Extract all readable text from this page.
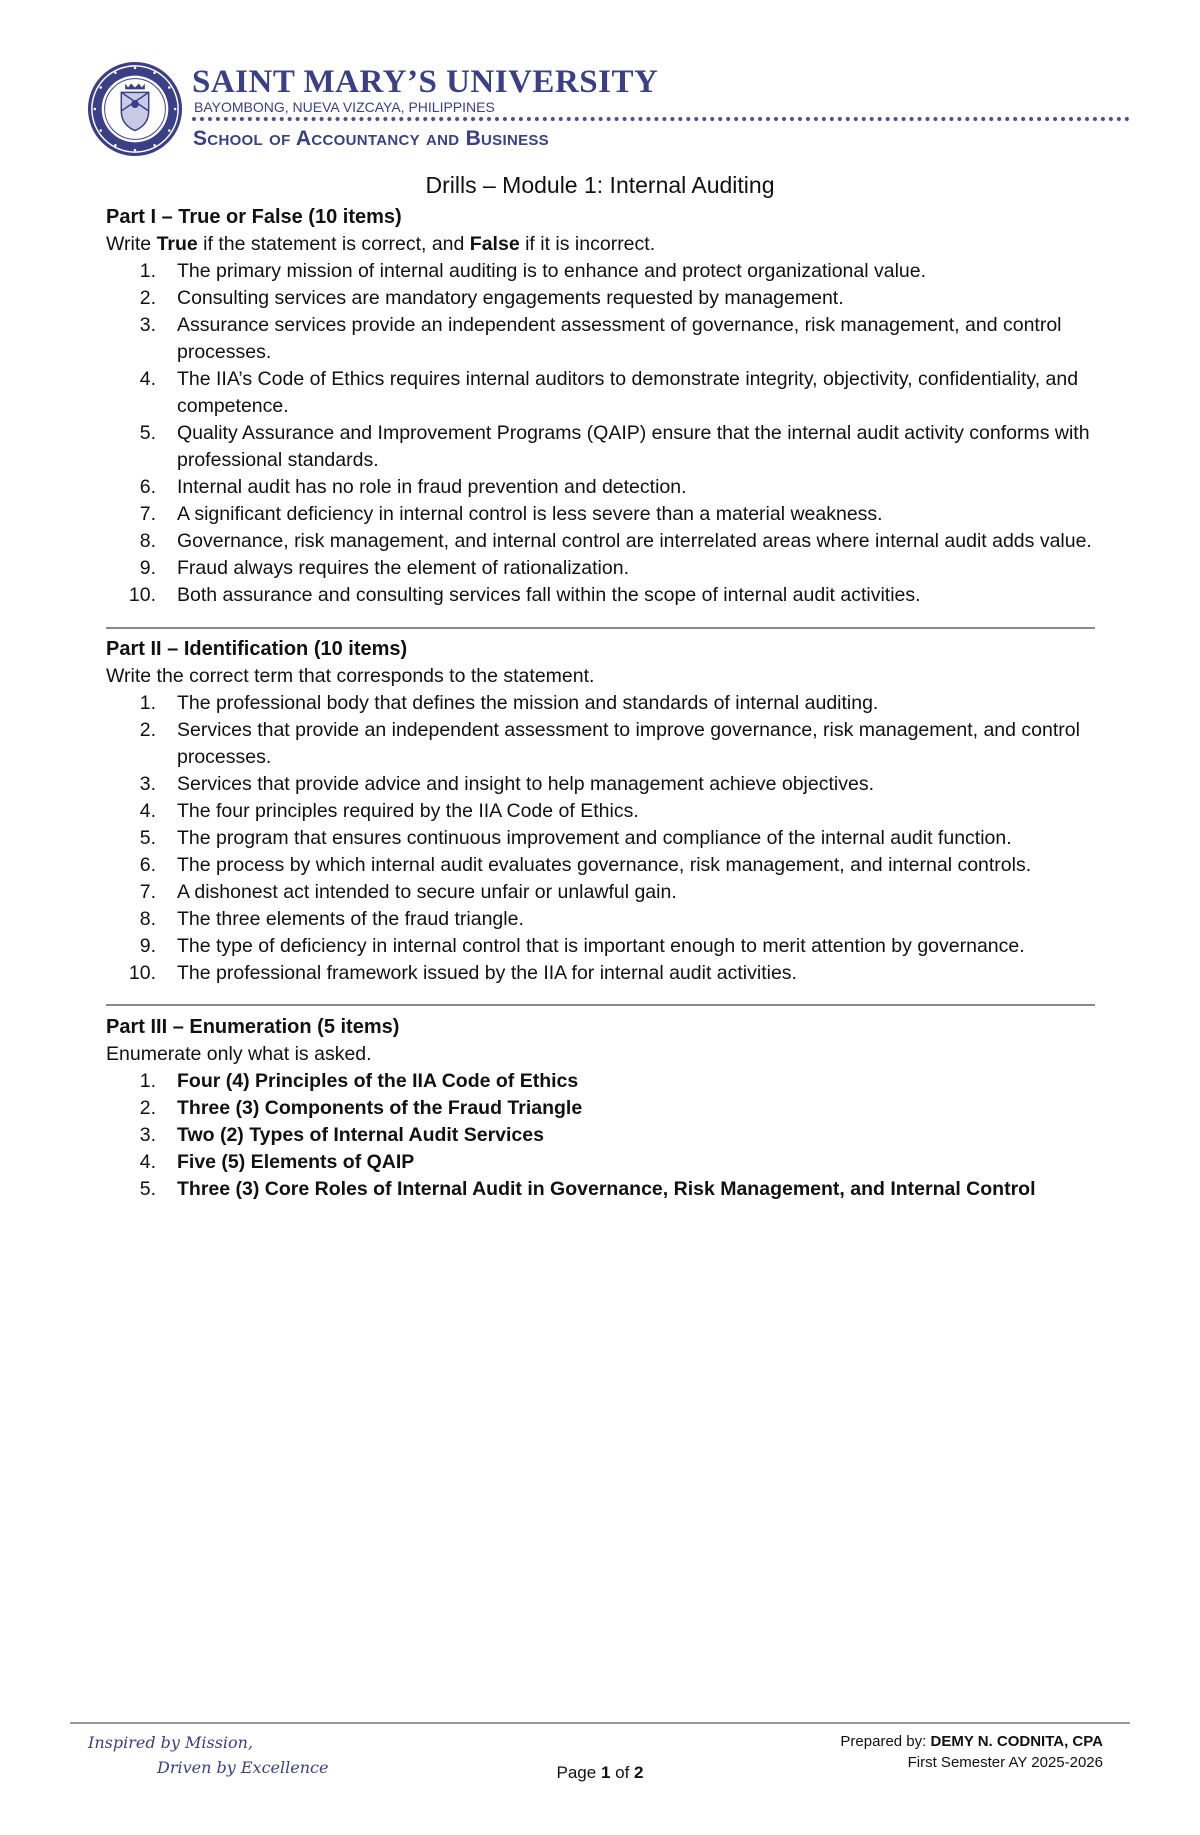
SAINT MARY’S UNIVERSITY
BAYOMBONG, NUEVA VIZCAYA, PHILIPPINES
School of Accountancy and Business
Drills – Module 1: Internal Auditing
Part I – True or False (10 items)
Write True if the statement is correct, and False if it is incorrect.
1. The primary mission of internal auditing is to enhance and protect organizational value.
2. Consulting services are mandatory engagements requested by management.
3. Assurance services provide an independent assessment of governance, risk management, and control processes.
4. The IIA’s Code of Ethics requires internal auditors to demonstrate integrity, objectivity, confidentiality, and competence.
5. Quality Assurance and Improvement Programs (QAIP) ensure that the internal audit activity conforms with professional standards.
6. Internal audit has no role in fraud prevention and detection.
7. A significant deficiency in internal control is less severe than a material weakness.
8. Governance, risk management, and internal control are interrelated areas where internal audit adds value.
9. Fraud always requires the element of rationalization.
10. Both assurance and consulting services fall within the scope of internal audit activities.
Part II – Identification (10 items)
Write the correct term that corresponds to the statement.
1. The professional body that defines the mission and standards of internal auditing.
2. Services that provide an independent assessment to improve governance, risk management, and control processes.
3. Services that provide advice and insight to help management achieve objectives.
4. The four principles required by the IIA Code of Ethics.
5. The program that ensures continuous improvement and compliance of the internal audit function.
6. The process by which internal audit evaluates governance, risk management, and internal controls.
7. A dishonest act intended to secure unfair or unlawful gain.
8. The three elements of the fraud triangle.
9. The type of deficiency in internal control that is important enough to merit attention by governance.
10. The professional framework issued by the IIA for internal audit activities.
Part III – Enumeration (5 items)
Enumerate only what is asked.
1. Four (4) Principles of the IIA Code of Ethics
2. Three (3) Components of the Fraud Triangle
3. Two (2) Types of Internal Audit Services
4. Five (5) Elements of QAIP
5. Three (3) Core Roles of Internal Audit in Governance, Risk Management, and Internal Control
Inspired by Mission,
Driven by Excellence	Page 1 of 2
Prepared by: DEMY N. CODNITA, CPA
First Semester AY 2025-2026
